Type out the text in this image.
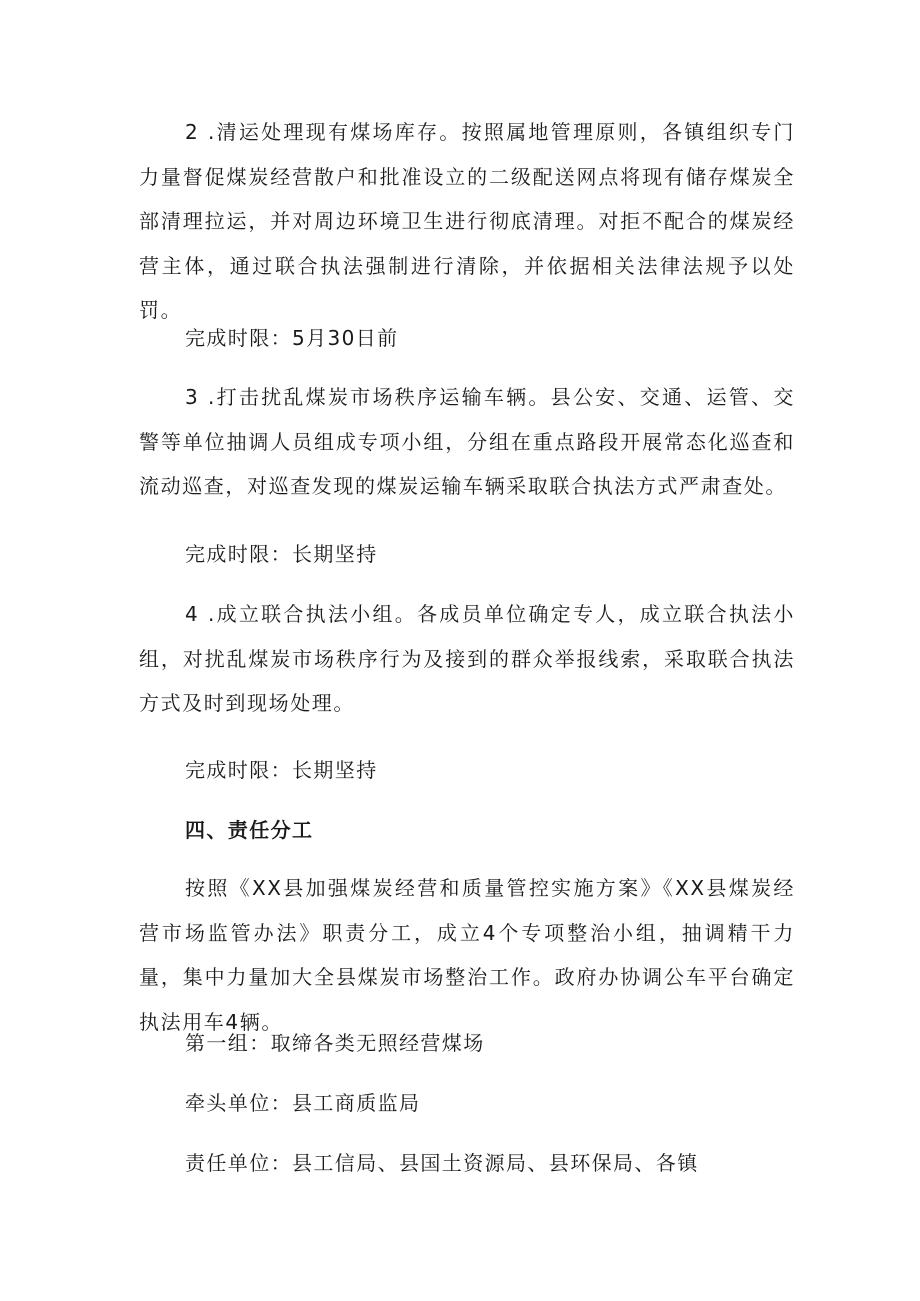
2 .清运处理现有煤场库存。按照属地管理原则，各镇组织专门力量督促煤炭经营散户和批准设立的二级配送网点将现有储存煤炭全部清理拉运，并对周边环境卫生进行彻底清理。对拒不配合的煤炭经营主体，通过联合执法强制进行清除，并依据相关法律法规予以处罚。

完成时限：5月30日前

3 .打击扰乱煤炭市场秩序运输车辆。县公安、交通、运管、交警等单位抽调人员组成专项小组，分组在重点路段开展常态化巡查和流动巡查，对巡查发现的煤炭运输车辆采取联合执法方式严肃查处。

完成时限：长期坚持

4 .成立联合执法小组。各成员单位确定专人，成立联合执法小组，对扰乱煤炭市场秩序行为及接到的群众举报线索，采取联合执法方式及时到现场处理。

完成时限：长期坚持

四、责任分工

按照《XX县加强煤炭经营和质量管控实施方案》《XX县煤炭经营市场监管办法》职责分工，成立4个专项整治小组，抽调精干力量，集中力量加大全县煤炭市场整治工作。政府办协调公车平台确定执法用车4辆。

第一组：取缔各类无照经营煤场

牵头单位：县工商质监局

责任单位：县工信局、县国土资源局、县环保局、各镇
